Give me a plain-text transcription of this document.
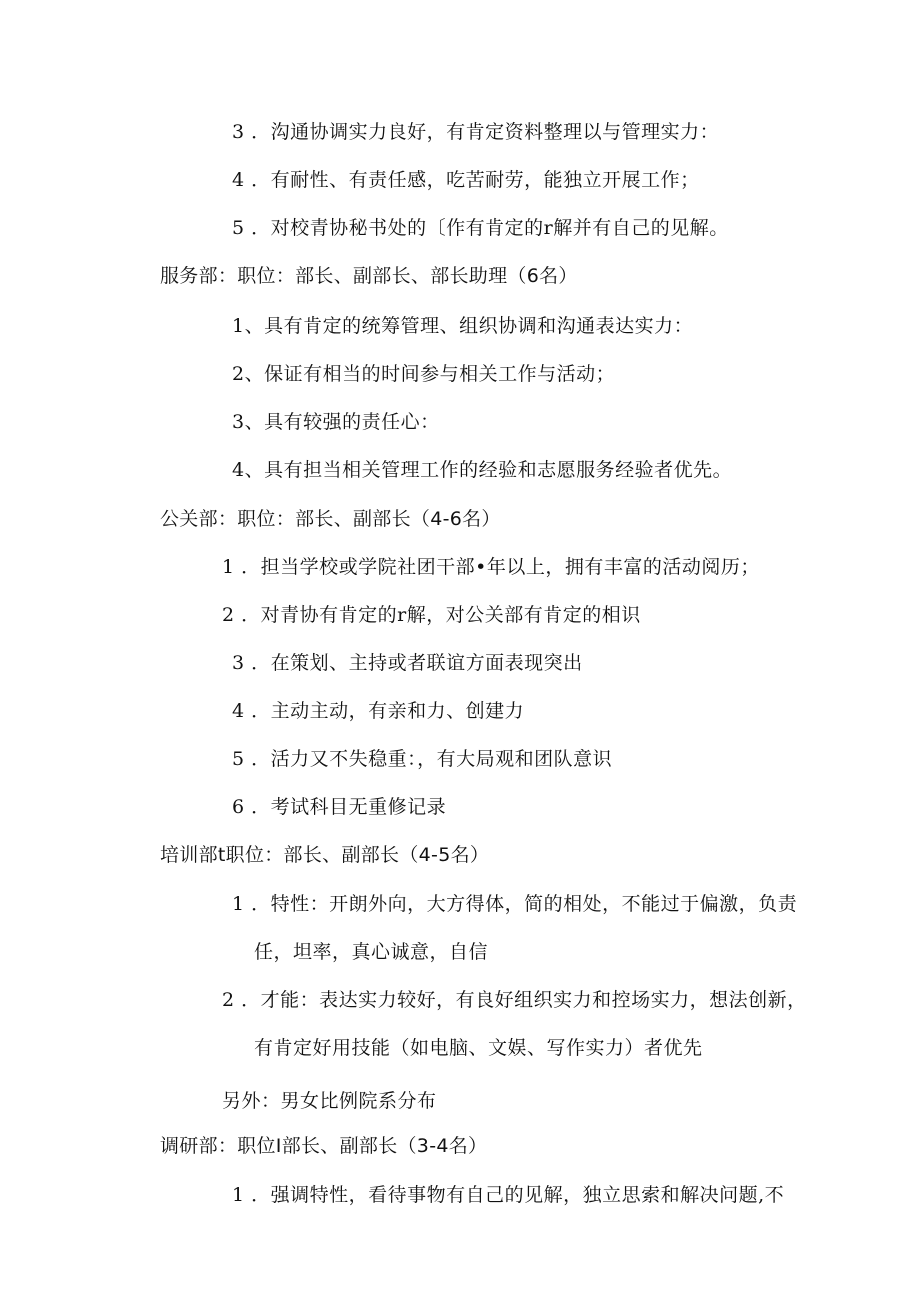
3 ．沟通协调实力良好，有肯定资料整理以与管理实力：
4 ．有耐性、有责任感，吃苦耐劳，能独立开展工作；
5 ．对校青协秘书处的〔作有肯定的r解并有自己的见解。
服务部：职位：部长、副部长、部长助理（6名）
1、具有肯定的统筹管理、组织协调和沟通表达实力：
2、保证有相当的时间参与相关工作与活动；
3、具有较强的责任心：
4、具有担当相关管理工作的经验和志愿服务经验者优先。
公关部：职位：部长、副部长（4-6名）
1 ．担当学校或学院社团干部•年以上，拥有丰富的活动阅历；
2 ．对青协有肯定的r解，对公关部有肯定的相识
3 ．在策划、主持或者联谊方面表现突出
4 ．主动主动，有亲和力、创建力
5 ．活力又不失稳重：，有大局观和团队意识
6 ．考试科目无重修记录
培训部t职位：部长、副部长（4-5名）
1 ．特性：开朗外向，大方得体，简的相处，不能过于偏激，负责
任，坦率，真心诚意，自信
2 ．才能：表达实力较好，有良好组织实力和控场实力，想法创新，
有肯定好用技能（如电脑、文娱、写作实力）者优先
另外：男女比例院系分布
调研部：职位I部长、副部长（3-4名）
1 ．强调特性，看待事物有自己的见解，独立思索和解决问题,不
